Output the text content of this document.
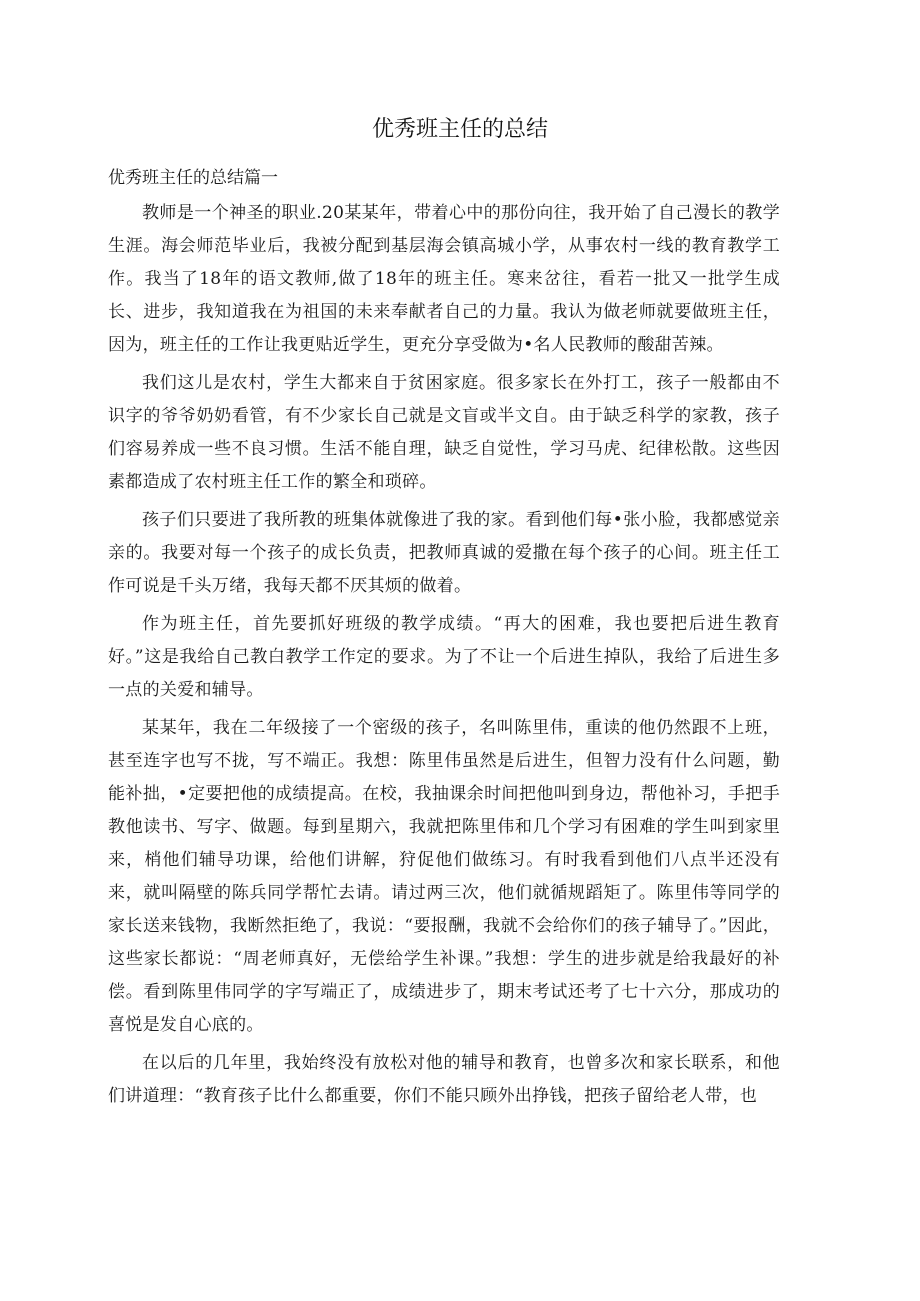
优秀班主任的总结
优秀班主任的总结篇一

教师是一个神圣的职业.20某某年，带着心中的那份向往，我开始了自己漫长的教学生涯。海会师范毕业后，我被分配到基层海会镇高城小学，从事农村一线的教育教学工作。我当了18年的语文教师,做了18年的班主任。寒来岔往，看若一批又一批学生成长、进步，我知道我在为祖国的未来奉献者自己的力量。我认为做老师就要做班主任，因为，班主任的工作让我更贴近学生，更充分享受做为•名人民教师的酸甜苦辣。

我们这儿是农村，学生大都来自于贫困家庭。很多家长在外打工，孩子一般都由不识字的爷爷奶奶看管，有不少家长自己就是文盲或半文自。由于缺乏科学的家教，孩子们容易养成一些不良习惯。生活不能自理，缺乏自觉性，学习马虎、纪律松散。这些因素都造成了农村班主任工作的繁全和琐碎。

孩子们只要进了我所教的班集体就像进了我的家。看到他们每•张小脸，我都感觉亲亲的。我要对每一个孩子的成长负责，把教师真诚的爱撒在每个孩子的心间。班主任工作可说是千头万绪，我每天都不厌其烦的做着。

作为班主任，首先要抓好班级的教学成绩。“再大的困难，我也要把后进生教育好。”这是我给自己教白教学工作定的要求。为了不让一个后进生掉队，我给了后进生多一点的关爱和辅导。

某某年，我在二年级接了一个密级的孩子，名叫陈里伟，重读的他仍然跟不上班，甚至连字也写不拢，写不端正。我想：陈里伟虽然是后进生，但智力没有什么问题，勤能补拙，•定要把他的成绩提高。在校，我抽课余时间把他叫到身边，帮他补习，手把手教他读书、写字、做题。每到星期六，我就把陈里伟和几个学习有困难的学生叫到家里来，梢他们辅导功课，给他们讲解，狩促他们做练习。有时我看到他们八点半还没有来，就叫隔壁的陈兵同学帮忙去请。请过两三次，他们就循规蹈矩了。陈里伟等同学的家长送来钱物，我断然拒绝了，我说：“要报酬，我就不会给你们的孩子辅导了。”因此，这些家长都说：“周老师真好，无偿给学生补课。”我想：学生的进步就是给我最好的补偿。看到陈里伟同学的字写端正了，成绩进步了，期末考试还考了七十六分，那成功的喜悦是发自心底的。

在以后的几年里，我始终没有放松对他的辅导和教育，也曾多次和家长联系，和他们讲道理：“教育孩子比什么都重要，你们不能只顾外出挣钱，把孩子留给老人带，也
